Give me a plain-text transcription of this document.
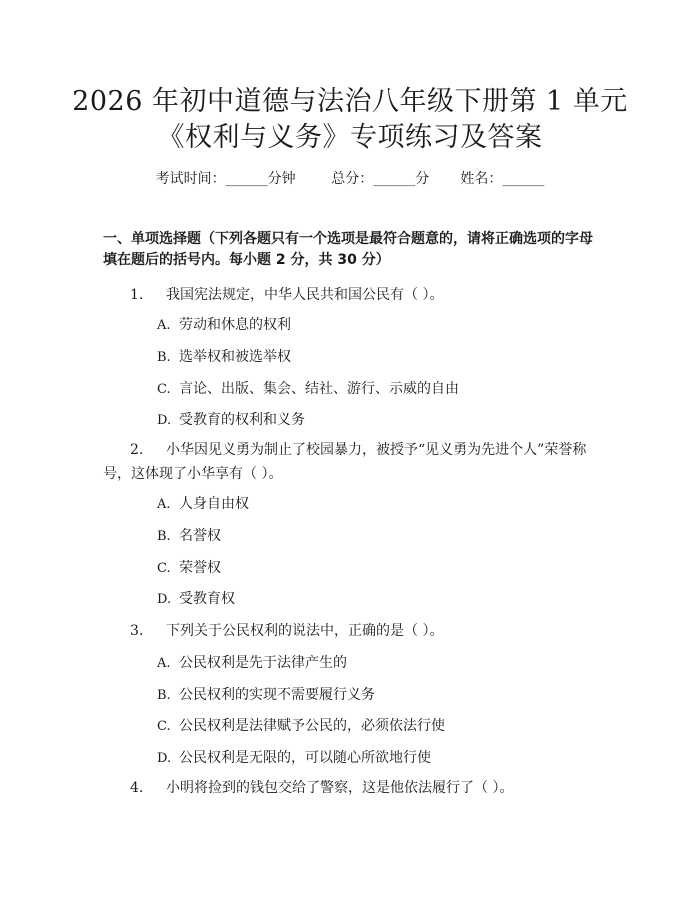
2026 年初中道德与法治八年级下册第 1 单元
《权利与义务》专项练习及答案
考试时间：______分钟	总分：______分 姓名：______
一、单项选择题（下列各题只有一个选项是最符合题意的，请将正确选项的字母填在题后的括号内。每小题 2 分，共 30 分）
1. 我国宪法规定，中华人民共和国公民有（ ）。
A. 劳动和休息的权利
B. 选举权和被选举权
C. 言论、出版、集会、结社、游行、示威的自由
D. 受教育的权利和义务
2. 小华因见义勇为制止了校园暴力，被授予“见义勇为先进个人”荣誉称
号，这体现了小华享有（ ）。
A. 人身自由权
B. 名誉权
C. 荣誉权
D. 受教育权
3. 下列关于公民权利的说法中，正确的是（ ）。
A. 公民权利是先于法律产生的
B. 公民权利的实现不需要履行义务
C. 公民权利是法律赋予公民的，必须依法行使
D. 公民权利是无限的，可以随心所欲地行使
4. 小明将捡到的钱包交给了警察，这是他依法履行了（ ）。
